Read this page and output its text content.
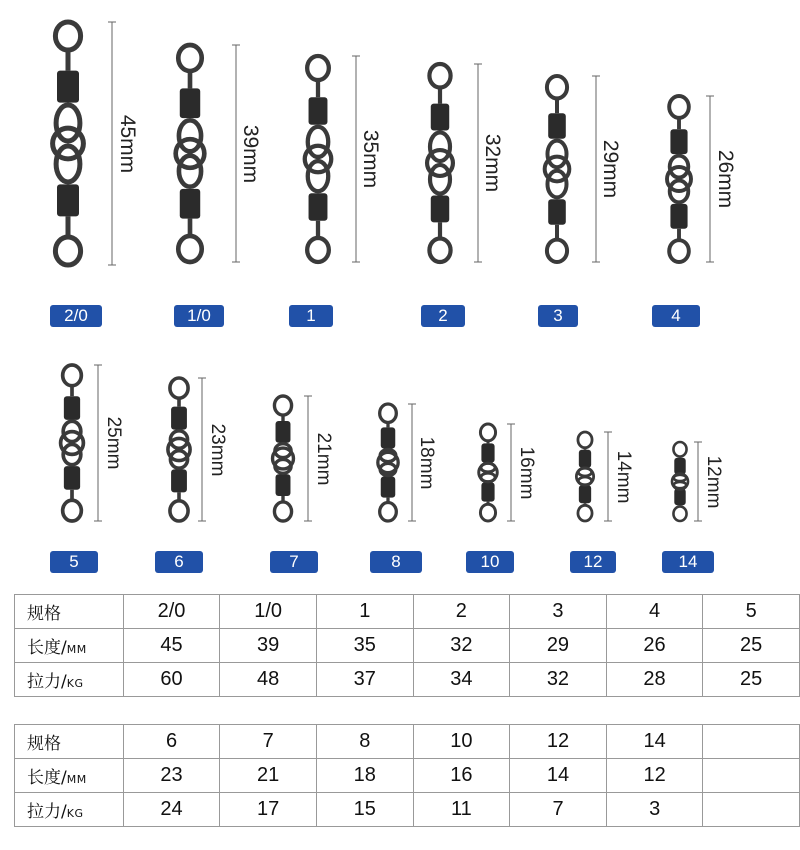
45mm
2/0
39mm
1/0
35mm
1
32mm
2
29mm
3
26mm
4
25mm
5
23mm
6
21mm
7
18mm
8
16mm
10
14mm
12
12mm
14
规格	2/0	1/0	1	2	3	4	5
长度/MM	45	39	35	32	29	26	25
拉力/KG	60	48	37	34	32	28	25
规格	6	7	8	10	12	14	
长度/MM	23	21	18	16	14	12	
拉力/KG	24	17	15	11	7	3	
